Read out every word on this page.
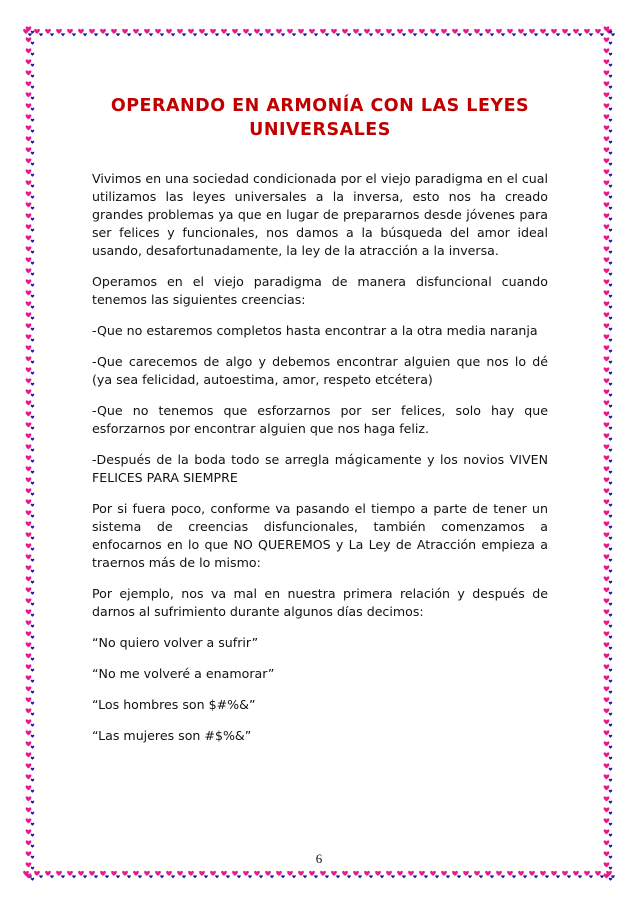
OPERANDO EN ARMONÍA CON LAS LEYES UNIVERSALES

Vivimos en una sociedad condicionada por el viejo paradigma en el cual utilizamos las leyes universales a la inversa, esto nos ha creado grandes problemas ya que en lugar de prepararnos desde jóvenes para ser felices y funcionales, nos damos a la búsqueda del amor ideal usando, desafortunadamente, la ley de la atracción a la inversa.

Operamos en el viejo paradigma de manera disfuncional cuando tenemos las siguientes creencias:

-Que no estaremos completos hasta encontrar a la otra media naranja

-Que carecemos de algo y debemos encontrar alguien que nos lo dé (ya sea felicidad, autoestima, amor, respeto etcétera)

-Que no tenemos que esforzarnos por ser felices, solo hay que esforzarnos por encontrar alguien que nos haga feliz.

-Después de la boda todo se arregla mágicamente y los novios VIVEN FELICES PARA SIEMPRE

Por si fuera poco, conforme va pasando el tiempo a parte de tener un sistema de creencias disfuncionales, también comenzamos a enfocarnos en lo que NO QUEREMOS y La Ley de Atracción empieza a traernos más de lo mismo:

Por ejemplo, nos va mal en nuestra primera relación y después de darnos al sufrimiento durante algunos días decimos:

“No quiero volver a sufrir”

“No me volveré a enamorar”

“Los hombres son $#%&”

“Las mujeres son #$%&”

6
